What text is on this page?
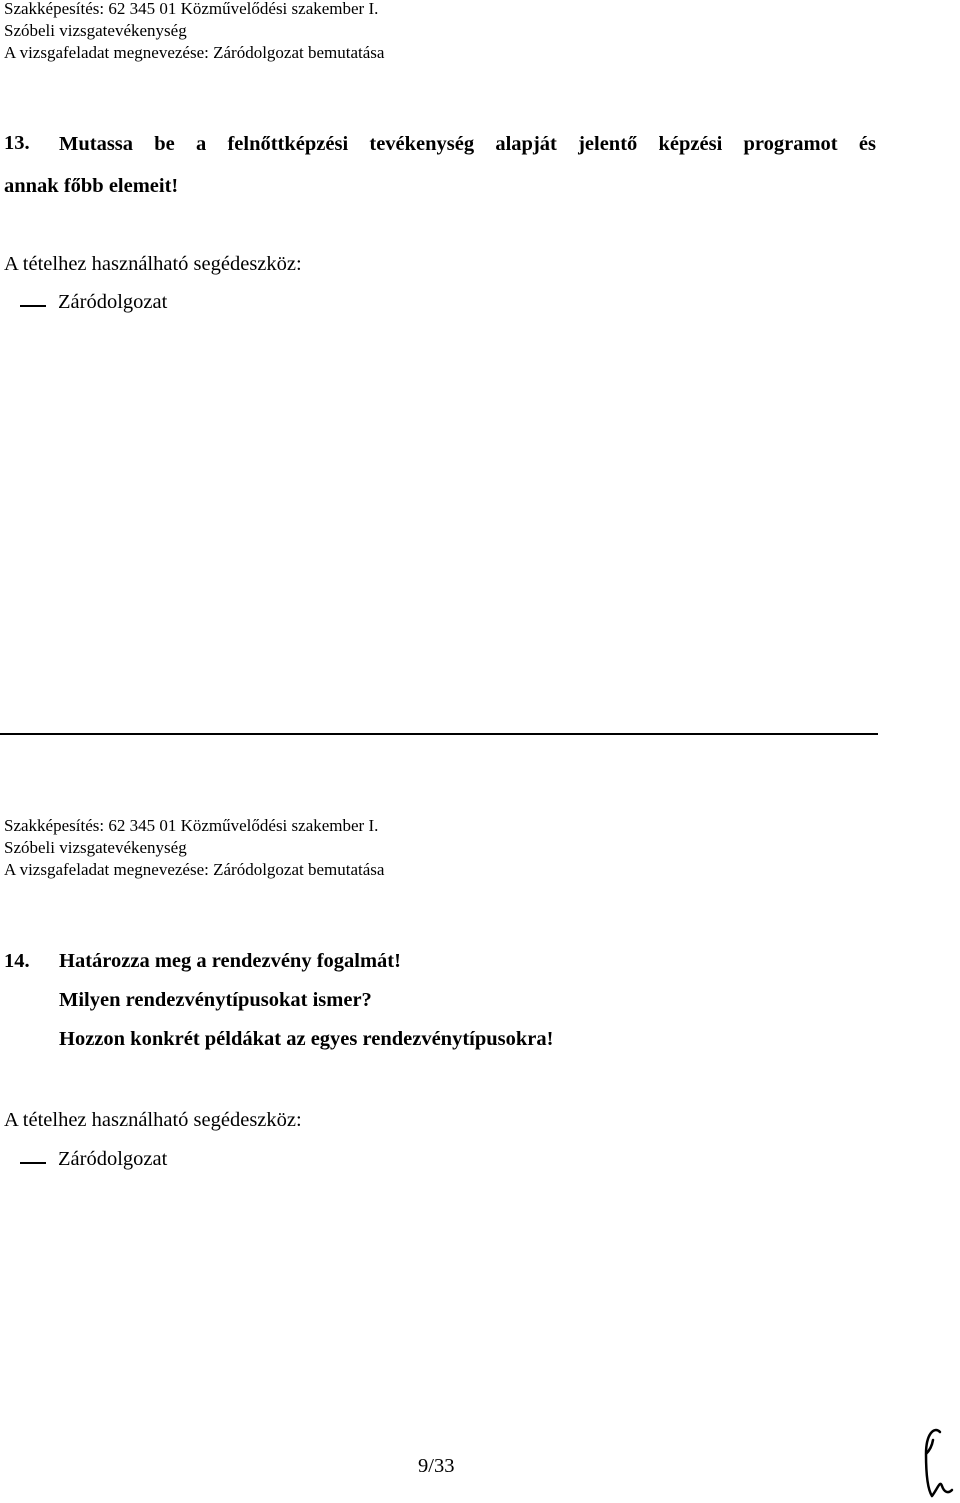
Szakképesítés: 62 345 01 Közművelődési szakember I.
Szóbeli vizsgatevékenység
A vizsgafeladat megnevezése: Záródolgozat bemutatása
13. Mutassa be a felnőttképzési tevékenység alapját jelentő képzési programot és
annak főbb elemeit!
A tételhez használható segédeszköz:
Záródolgozat
Szakképesítés: 62 345 01 Közművelődési szakember I.
Szóbeli vizsgatevékenység
A vizsgafeladat megnevezése: Záródolgozat bemutatása
14. Határozza meg a rendezvény fogalmát!
Milyen rendezvénytípusokat ismer?
Hozzon konkrét példákat az egyes rendezvénytípusokra!
A tételhez használható segédeszköz:
Záródolgozat
9/33
